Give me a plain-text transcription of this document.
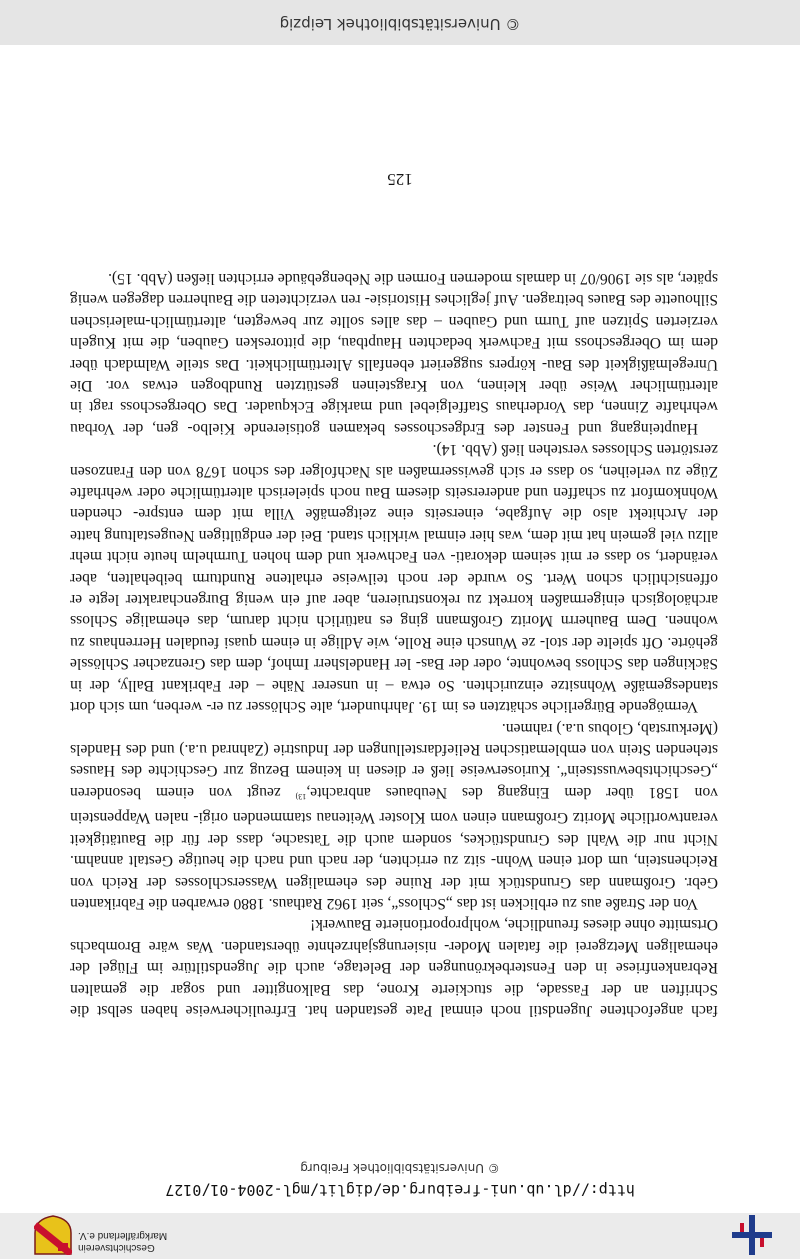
Geschichtsverein
Markgräflerland e.V.
http://dl.ub.uni-freiburg.de/diglit/mgl-2004-01/0127
© Universitätsbibliothek Freiburg

fach angefochtene Jugendstil noch einmal Pate gestanden hat. Erfreulicherweise haben selbst die Schriften an der Fassade, die stuckierte Krone, das Balkongitter und sogar die gemalten Rebrankenfriese in den Fensterbekrönungen der Beletage, auch die Jugendstiltüre im Flügel der ehemaligen Metzgerei die fatalen Moder- nisierungsjahrzehnte überstanden. Was wäre Brombachs Ortsmitte ohne dieses freundliche, wohlproportionierte Bauwerk!

Von der Straße aus zu erblicken ist das „Schloss“, seit 1962 Rathaus. 1880 erwarben die Fabrikanten Gebr. Großmann das Grundstück mit der Ruine des ehemaligen Wasserschlosses der Reich von Reichenstein, um dort einen Wohn- sitz zu errichten, der nach und nach die heutige Gestalt annahm. Nicht nur die Wahl des Grundstückes, sondern auch die Tatsache, dass der für die Bautätigkeit verantwortliche Moritz Großmann einen vom Kloster Weitenau stammenden origi- nalen Wappenstein von 1581 über dem Eingang des Neubaues anbrachte,$^{13)}$ zeugt von einem besonderen „Geschichtsbewusstsein“. Kurioserweise ließ er diesen in keinem Bezug zur Geschichte des Hauses stehenden Stein von emblematischen Reliefdarstellungen der Industrie (Zahnrad u.a.) und des Handels (Merkurstab, Globus u.a.) rahmen.

Vermögende Bürgerliche schätzten es im 19. Jahrhundert, alte Schlösser zu er- werben, um sich dort standesgemäße Wohnsitze einzurichten. So etwa – in unserer Nähe – der Fabrikant Bally, der in Säckingen das Schloss bewohnte, oder der Bas- ler Handelsherr Imhof, dem das Grenzacher Schlössle gehörte. Oft spielte der stol- ze Wunsch eine Rolle, wie Adlige in einem quasi feudalen Herrenhaus zu wohnen. Dem Bauherrn Moritz Großmann ging es natürlich nicht darum, das ehemalige Schloss archäologisch einigermaßen korrekt zu rekonstruieren, aber auf ein wenig Burgencharakter legte er offensichtlich schon Wert. So wurde der noch teilweise erhaltene Rundturm beibehalten, aber verändert, so dass er mit seinem dekorati- ven Fachwerk und dem hohen Turmhelm heute nicht mehr allzu viel gemein hat mit dem, was hier einmal wirklich stand. Bei der endgültigen Neugestaltung hatte der Architekt also die Aufgabe, einerseits eine zeitgemäße Villa mit dem entspre- chenden Wohnkomfort zu schaffen und andererseits diesem Bau noch spielerisch altertümliche oder wehrhafte Züge zu verleihen, so dass er sich gewissermaßen als Nachfolger des schon 1678 von den Franzosen zerstörten Schlosses verstehen ließ (Abb. 14).

Haupteingang und Fenster des Erdgeschosses bekamen gotisierende Kielbo- gen, der Vorbau wehrhafte Zinnen, das Vorderhaus Staffelgiebel und markige Eckquader. Das Obergeschoss ragt in altertümlicher Weise über kleinen, von Kragsteinen gestützten Rundbogen etwas vor. Die Unregelmäßigkeit des Bau- körpers suggeriert ebenfalls Altertümlichkeit. Das steile Walmdach über dem im Obergeschoss mit Fachwerk bedachten Hauptbau, die pittoresken Gauben, die mit Kugeln verzierten Spitzen auf Turm und Gauben – das alles sollte zur bewegten, altertümlich-malerischen Silhouette des Baues beitragen. Auf jegliches Historisie- ren verzichteten die Bauherren dagegen wenig später, als sie 1906/07 in damals modernen Formen die Nebengebäude errichten ließen (Abb. 15).

125
© Universitätsbibliothek Leipzig
